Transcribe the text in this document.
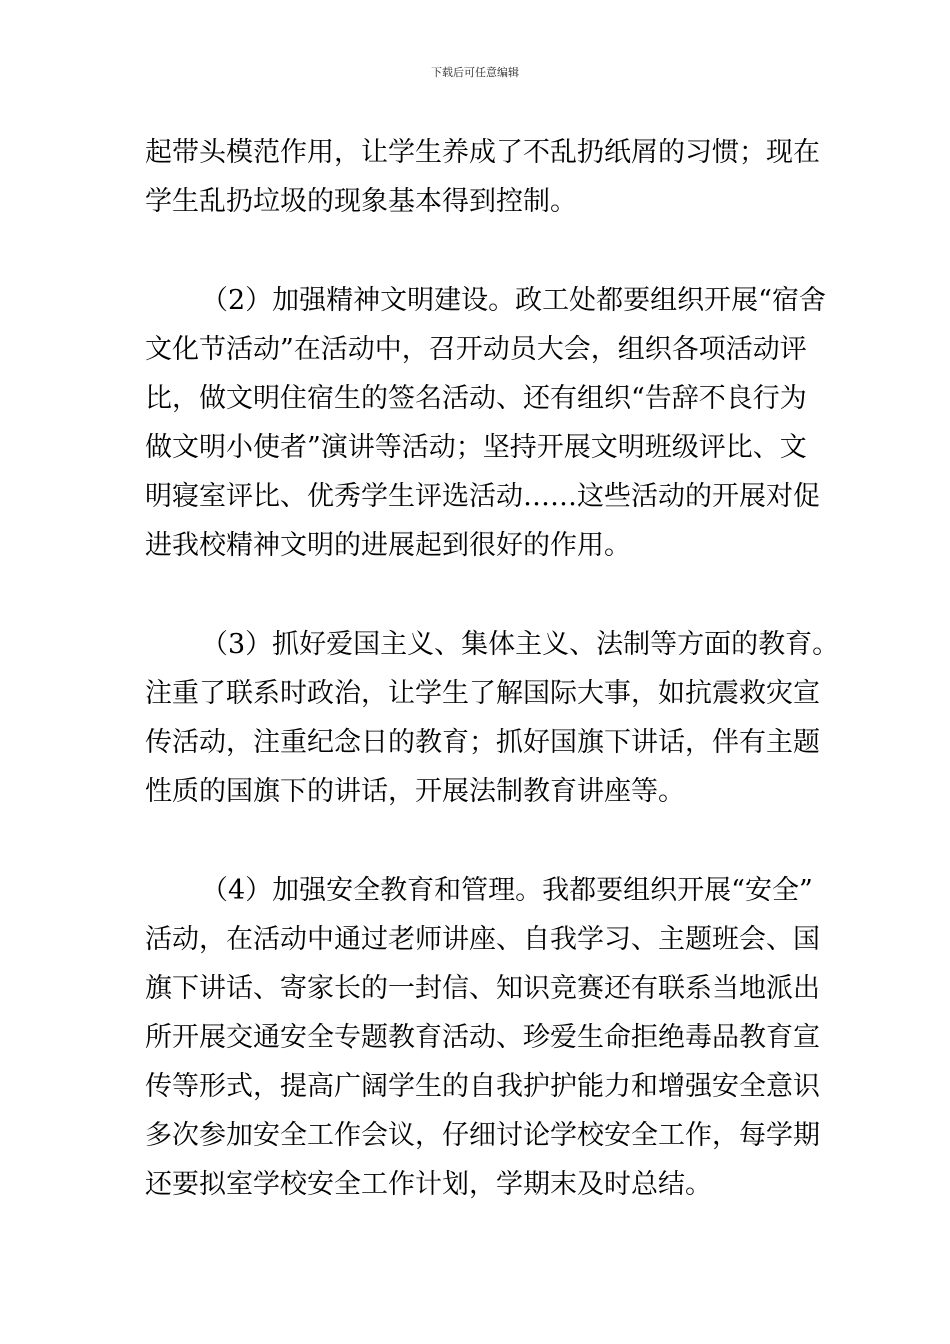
下载后可任意编辑

起带头模范作用，让学生养成了不乱扔纸屑的习惯；现在
学生乱扔垃圾的现象基本得到控制。

（2）加强精神文明建设。政工处都要组织开展“宿舍
文化节活动”在活动中，召开动员大会，组织各项活动评
比，做文明住宿生的签名活动、还有组织“告辞不良行为
做文明小使者”演讲等活动；坚持开展文明班级评比、文
明寝室评比、优秀学生评选活动……这些活动的开展对促
进我校精神文明的进展起到很好的作用。

（3）抓好爱国主义、集体主义、法制等方面的教育。
注重了联系时政治，让学生了解国际大事，如抗震救灾宣
传活动，注重纪念日的教育；抓好国旗下讲话，伴有主题
性质的国旗下的讲话，开展法制教育讲座等。

（4）加强安全教育和管理。我都要组织开展“安全”
活动，在活动中通过老师讲座、自我学习、主题班会、国
旗下讲话、寄家长的一封信、知识竞赛还有联系当地派出
所开展交通安全专题教育活动、珍爱生命拒绝毒品教育宣
传等形式，提高广阔学生的自我护护能力和增强安全意识
多次参加安全工作会议，仔细讨论学校安全工作，每学期
还要拟室学校安全工作计划，学期末及时总结。
